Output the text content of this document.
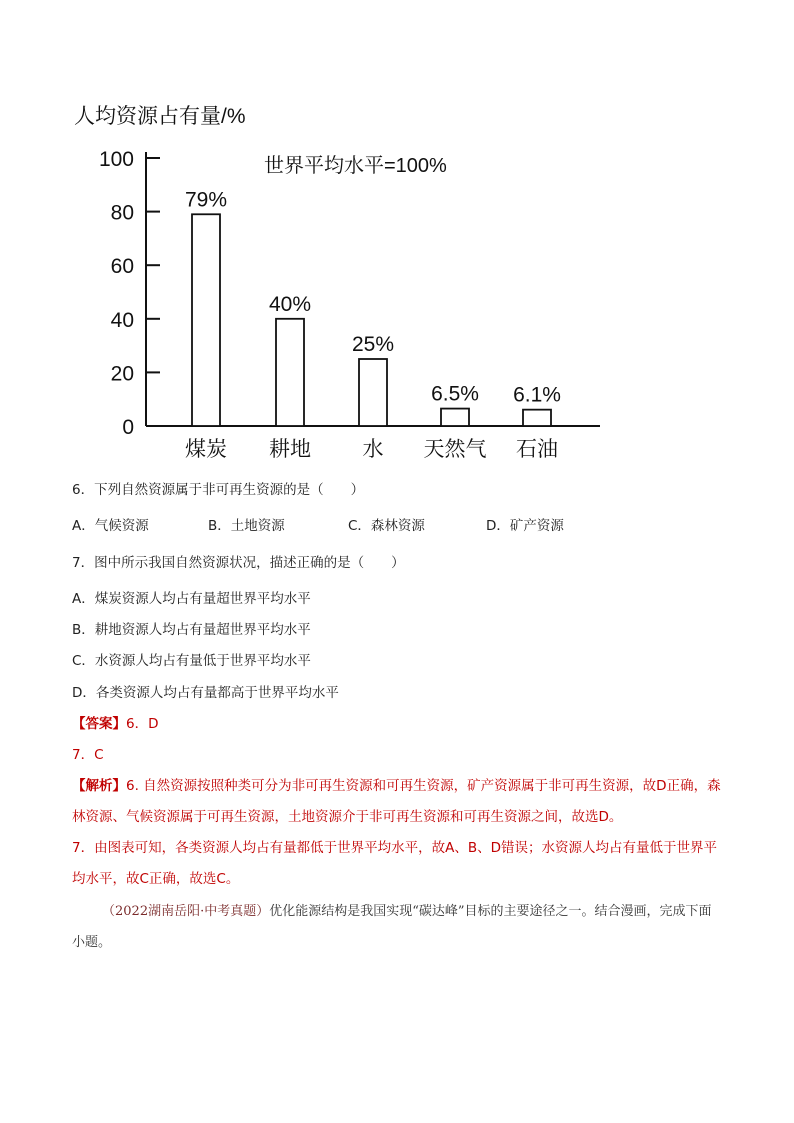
人均资源占有量/%
世界平均水平=100%
0
20
40
60
80
100
79%
40%
25%
6.5% 6.1%
煤炭 耕地 水 天然气 石油
6．下列自然资源属于非可再生资源的是（　　）
A．气候资源	B．土地资源	C．森林资源	D．矿产资源
7．图中所示我国自然资源状况，描述正确的是（　　）
A．煤炭资源人均占有量超世界平均水平
B．耕地资源人均占有量超世界平均水平
C．水资源人均占有量低于世界平均水平
D．各类资源人均占有量都高于世界平均水平
【答案】6．D
7．C
【解析】6. 自然资源按照种类可分为非可再生资源和可再生资源，矿产资源属于非可再生资源，故D正确，森林资源、气候资源属于可再生资源，土地资源介于非可再生资源和可再生资源之间，故选D。
7．由图表可知，各类资源人均占有量都低于世界平均水平，故A、B、D错误；水资源人均占有量低于世界平均水平，故C正确，故选C。
（2022湖南岳阳·中考真题）优化能源结构是我国实现“碳达峰”目标的主要途径之一。结合漫画，完成下面小题。
